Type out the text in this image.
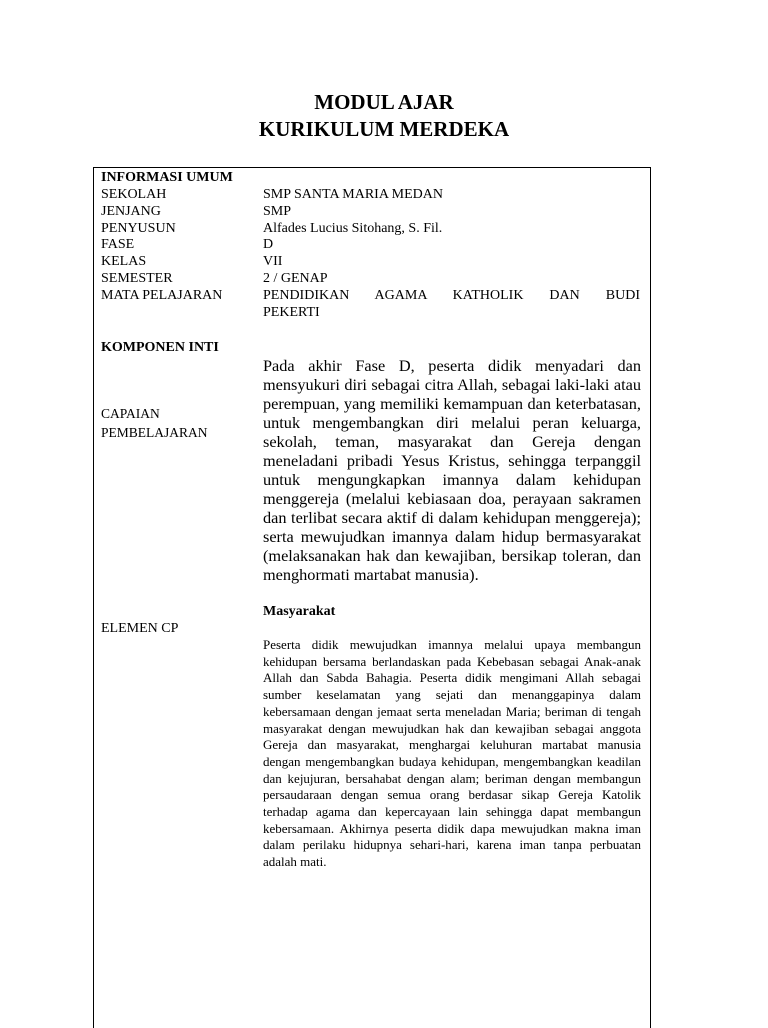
MODUL AJAR
KURIKULUM MERDEKA
INFORMASI UMUM
SEKOLAH	SMP SANTA MARIA MEDAN
JENJANG	SMP
PENYUSUN	Alfades Lucius Sitohang, S. Fil.
FASE	D
KELAS	VII
SEMESTER	2 / GENAP
MATA PELAJARAN	PENDIDIKAN AGAMA KATHOLIK DAN BUDI
PEKERTI
KOMPONEN INTI
CAPAIAN
PEMBELAJARAN
Pada akhir Fase D, peserta didik menyadari dan mensyukuri diri sebagai citra Allah, sebagai laki-laki atau perempuan, yang memiliki kemampuan dan keterbatasan, untuk mengembangkan diri melalui peran keluarga, sekolah, teman, masyarakat dan Gereja dengan meneladani pribadi Yesus Kristus, sehingga terpanggil untuk mengungkapkan imannya dalam kehidupan menggereja (melalui kebiasaan doa, perayaan sakramen dan terlibat secara aktif di dalam kehidupan menggereja); serta mewujudkan imannya dalam hidup bermasyarakat (melaksanakan hak dan kewajiban, bersikap toleran, dan menghormati martabat manusia).
Masyarakat
ELEMEN CP
Peserta didik mewujudkan imannya melalui upaya membangun kehidupan bersama berlandaskan pada Kebebasan sebagai Anak-anak Allah dan Sabda Bahagia. Peserta didik mengimani Allah sebagai sumber keselamatan yang sejati dan menanggapinya dalam kebersamaan dengan jemaat serta meneladan Maria; beriman di tengah masyarakat dengan mewujudkan hak dan kewajiban sebagai anggota Gereja dan masyarakat, menghargai keluhuran martabat manusia dengan mengembangkan budaya kehidupan, mengembangkan keadilan dan kejujuran, bersahabat dengan alam; beriman dengan membangun persaudaraan dengan semua orang berdasar sikap Gereja Katolik terhadap agama dan kepercayaan lain sehingga dapat membangun kebersamaan. Akhirnya peserta didik dapa mewujudkan makna iman dalam perilaku hidupnya sehari-hari, karena iman tanpa perbuatan adalah mati.
